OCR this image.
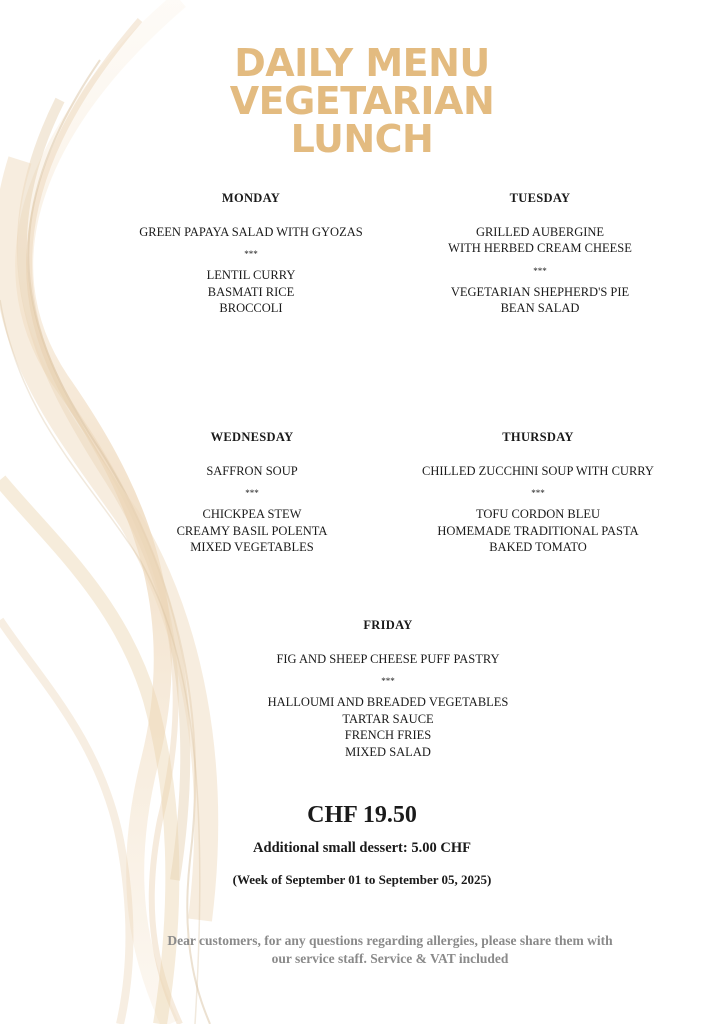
DAILY MENU
VEGETARIAN
LUNCH
MONDAY
GREEN PAPAYA SALAD WITH GYOZAS
***
LENTIL CURRY
BASMATI RICE
BROCCOLI
TUESDAY
GRILLED AUBERGINE
WITH HERBED CREAM CHEESE
***
VEGETARIAN SHEPHERD'S PIE
BEAN SALAD
WEDNESDAY
SAFFRON SOUP
***
CHICKPEA STEW
CREAMY BASIL POLENTA
MIXED VEGETABLES
THURSDAY
CHILLED ZUCCHINI SOUP WITH CURRY
***
TOFU CORDON BLEU
HOMEMADE TRADITIONAL PASTA
BAKED TOMATO
FRIDAY
FIG AND SHEEP CHEESE PUFF PASTRY
***
HALLOUMI AND BREADED VEGETABLES
TARTAR SAUCE
FRENCH FRIES
MIXED SALAD
CHF 19.50
Additional small dessert: 5.00 CHF
(Week of September 01 to September 05, 2025)
Dear customers, for any questions regarding allergies, please share them with
our service staff. Service & VAT included
